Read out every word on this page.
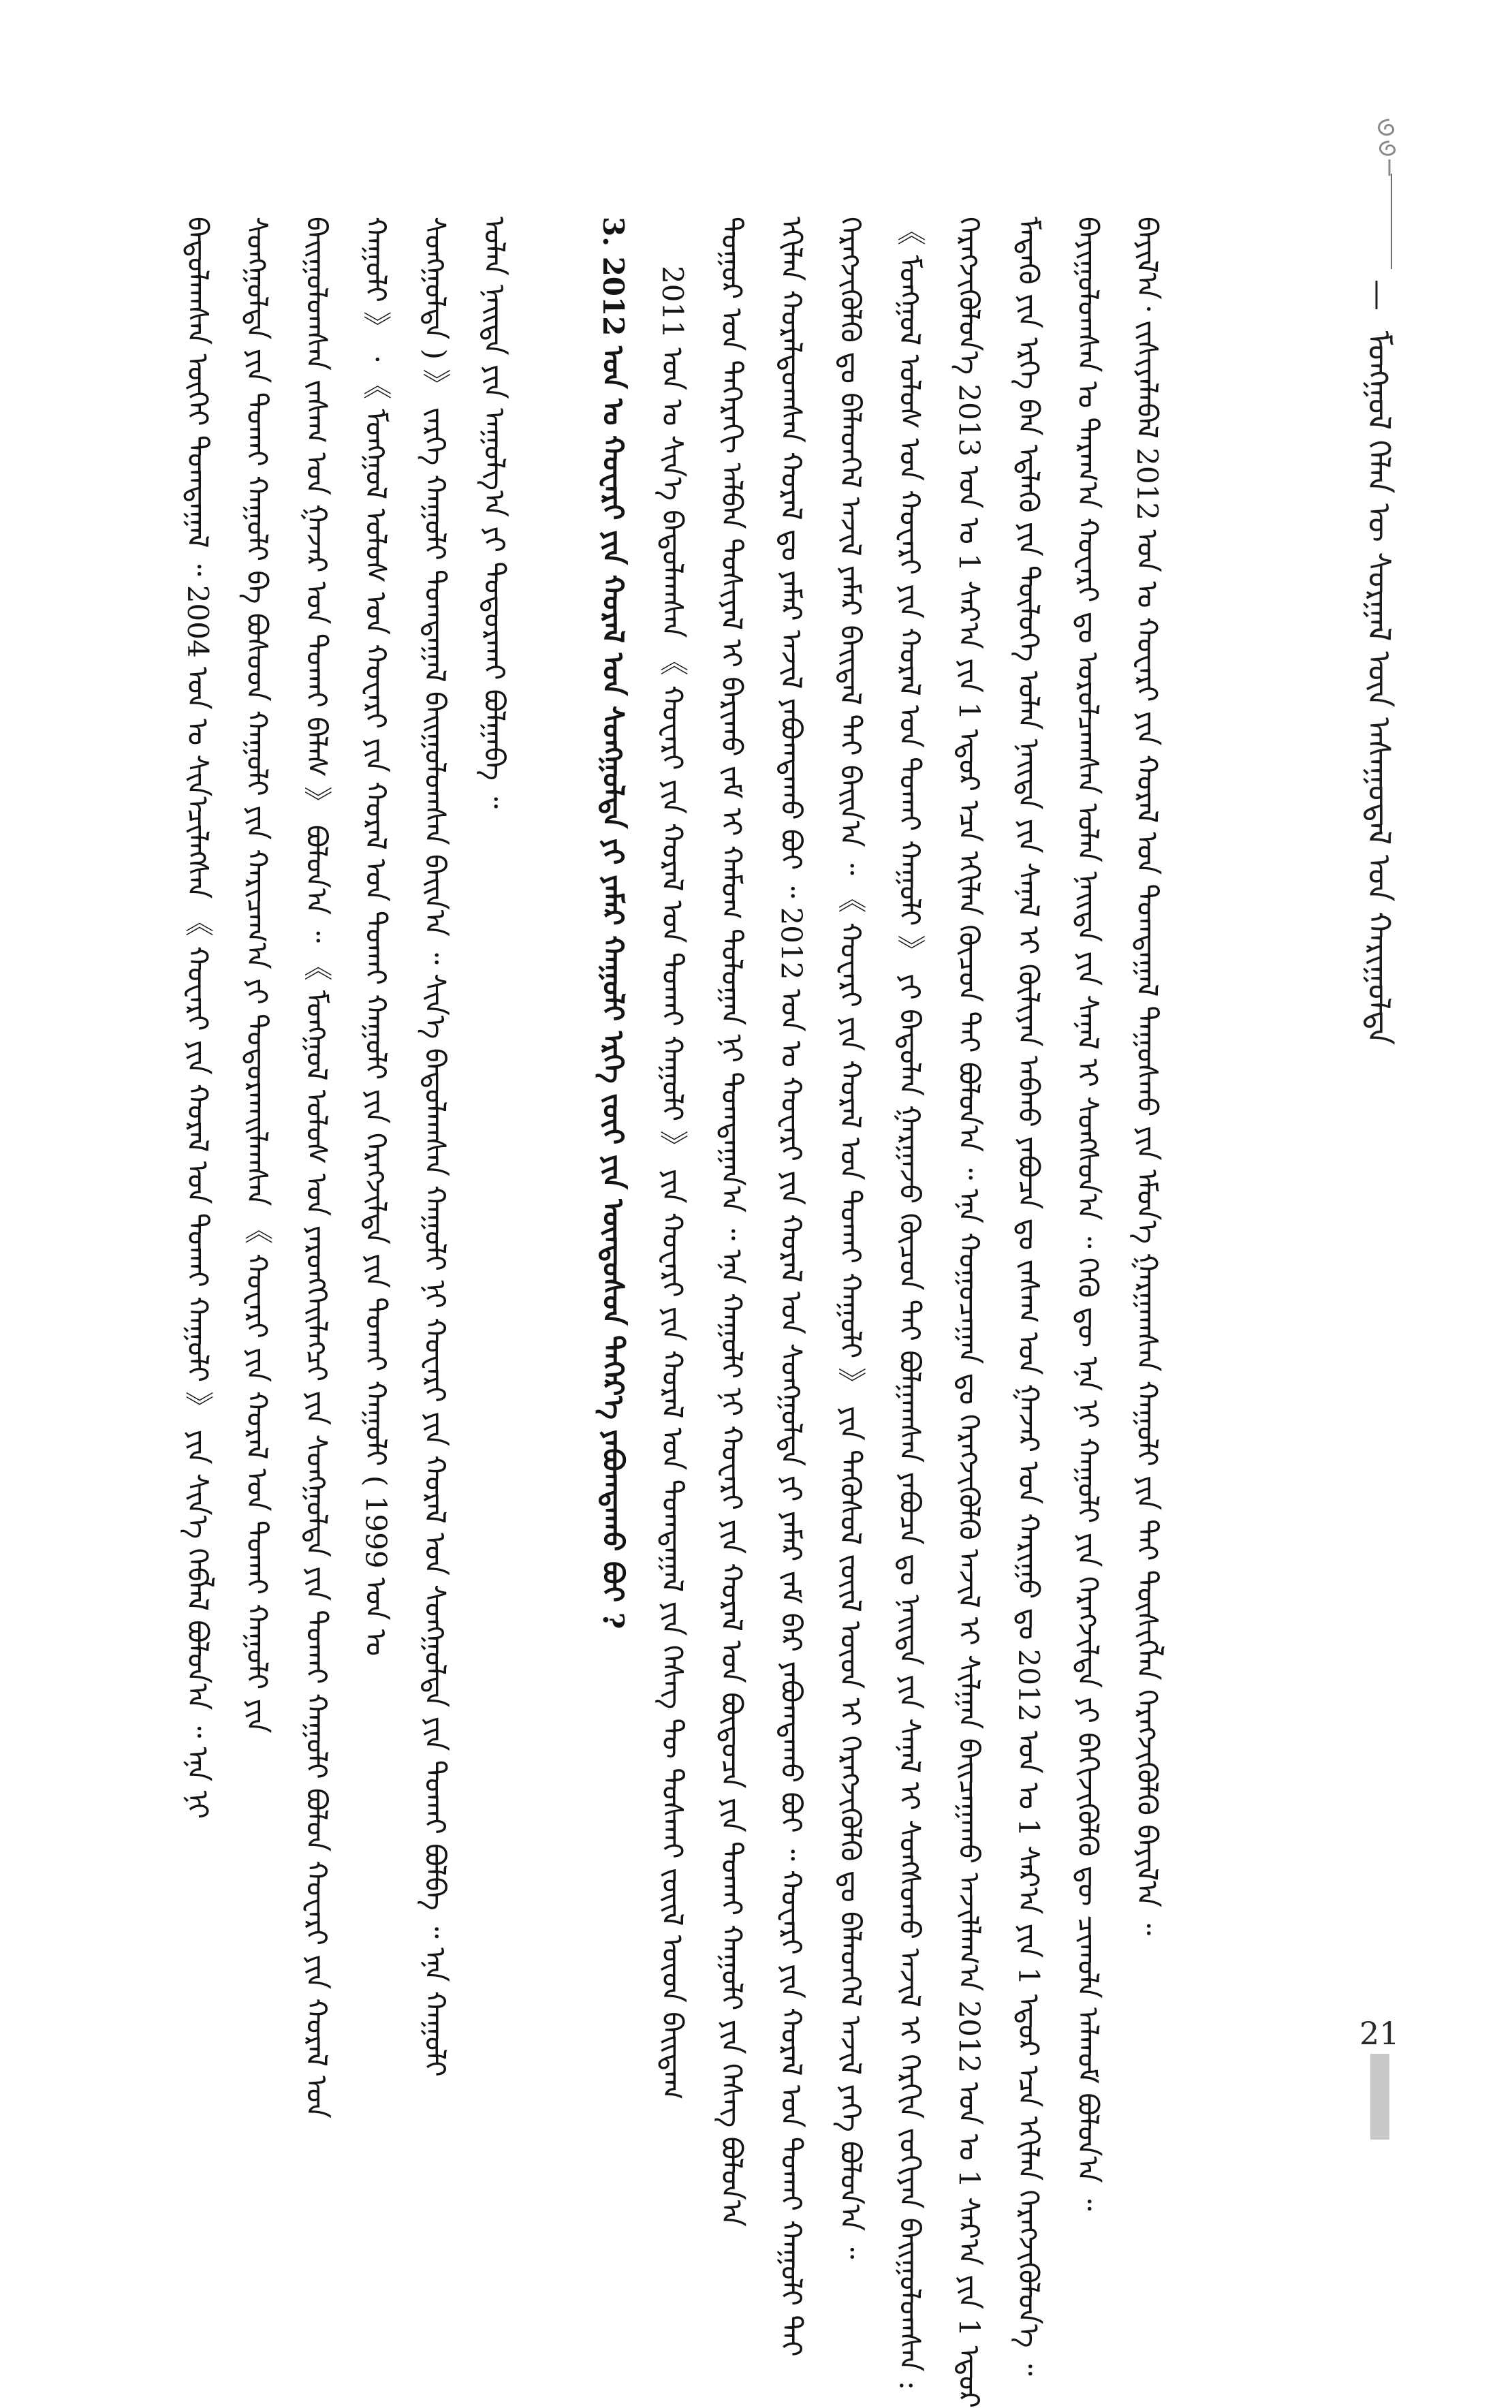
— ᠮᠣᠩᠭᠣᠯ ᠬᠡᠯᠡᠨ ᠦ ᠰᠤᠷᠭᠠᠯ ᠦᠨ ᠠᠰᠠᠭᠤᠳᠠᠯ ᠤᠨ ᠬᠠᠷᠢᠭᠤᠯᠲᠠ

ᠪᠠᠶᠢᠯ᠎ᠠ᠂ ᠵᠢᠱᠢᠶᠡᠯᠡᠪᠡᠯ 2012 ᠣᠨ ᠤ ᠬᠤᠸᠠᠷᠢ ᠶᠢᠨ ᠬᠤᠷᠠᠯ ᠤᠨ ᠲᠣᠭᠲᠠᠭᠠᠯ ᠳᠠᠭᠤᠰᠬᠤ ᠶᠢᠨ ᠡᠮᠦᠨ᠎ᠡ ᠭᠠᠷᠭᠠᠭᠰᠠᠨ ᠬᠠᠭᠤᠯᠢ ᠶᠢᠨ ᠲᠡᠢ ᠲᠦᠰᠢᠭᠯᠡᠨ ᠬᠡᠷᠡᠭᠵᠢᠭᠦᠯᠬᠦ ᠪᠠᠶᠢᠯ᠎ᠠ ᠃

ᠪᠠᠶᠢᠭᠤᠯᠤᠭᠰᠠᠨ ᠤ ᠳᠠᠷᠠᠭ᠎ᠠ ᠬᠤᠸᠠᠷᠢ ᠳᠤ ᠣᠷᠤᠯᠴᠠᠭᠰᠠᠨ ᠣᠯᠠᠨ ᠨᠡᠢᠲᠡ ᠶᠢᠨ ᠰᠠᠨᠠᠯ ᠢ ᠰᠣᠩᠰᠤᠨ᠎ᠠ ᠃ ᠭᠡᠬᠦ ᠳᠦ ᠡᠨᠡ ᠨᠢ ᠬᠠᠭᠤᠯᠢ ᠶᠢᠨ ᠬᠡᠷᠡᠭᠵᠢᠯᠲᠡ ᠶᠢ ᠪᠡᠬᠢᠵᠢᠭᠦᠯᠬᠦ ᠳᠦ ᠴᠢᠬᠤᠯᠠ ᠠᠯᠬᠤᠮ ᠪᠣᠯᠤᠨ᠎ᠠ ᠃

ᠮᠡᠳᠡᠬᠦ ᠶᠢᠨ ᠡᠷᠬᠡ ᠪᠠᠨ ᠡᠳ᠋ᠯᠡᠬᠦ ᠶᠢᠨ ᠲᠥᠯᠥᠭᠡ ᠣᠯᠠᠨ ᠨᠡᠢᠲᠡ ᠶᠢᠨ ᠰᠠᠨᠠᠯ ᠢ ᠬᠦᠯᠢᠶᠡᠨ ᠠᠪᠬᠤ ᠶᠠᠪᠤᠴᠠ ᠳᠤ ᠵᠠᠰᠠᠭ ᠤᠨ ᠭᠠᠵᠠᠷ ᠤᠨ ᠬᠠᠷᠢᠭᠤ ᠳᠤ 2012 ᠣᠨ ᠤ 1 ᠰᠠᠷ᠎ᠠ ᠶᠢᠨ 1 ᠡᠳᠦᠷ ᠡᠴᠡ ᠡᠬᠢᠯᠡᠨ ᠬᠡᠷᠡᠭᠵᠢᠭᠦᠯᠦᠨ᠎ᠡ ᠃

ᠬᠡᠷᠡᠭᠵᠢᠭᠦᠯᠦᠨ᠎ᠡ 2013 ᠣᠨ ᠤ 1 ᠰᠠᠷ᠎ᠠ ᠶᠢᠨ 1 ᠡᠳᠦᠷ ᠡᠴᠡ ᠡᠬᠢᠯᠡᠨ ᠬᠦᠴᠦᠨ ᠲᠡᠢ ᠪᠣᠯᠤᠨ᠎ᠠ ᠃ ᠡᠨᠡ ᠬᠤᠭᠤᠴᠠᠭᠠᠨ ᠳᠤ ᠬᠡᠷᠡᠭᠵᠢᠭᠦᠯᠬᠦ ᠠᠵᠢᠯ ᠢ ᠰᠢᠯᠭᠠᠨ ᠪᠠᠢᠴᠠᠭᠠᠬᠤ ᠠᠵᠢᠯᠯᠠᠭ᠎ᠠ 2012 ᠣᠨ ᠤ 1 ᠰᠠᠷ᠎ᠠ ᠶᠢᠨ 1 ᠡᠳᠦᠷ

《 ᠮᠣᠩᠭᠣᠯ ᠤᠯᠤᠰ ᠤᠨ ᠬᠤᠸᠠᠷᠢ ᠶᠢᠨ ᠬᠤᠷᠠᠯ ᠤᠨ ᠲᠤᠬᠠᠢ ᠬᠠᠭᠤᠯᠢ 》 ᠶᠢ ᠪᠠᠲᠤᠯᠠᠨ ᠭᠠᠷᠭᠠᠵᠤ ᠬᠦᠴᠦᠨ ᠲᠡᠢ ᠪᠣᠯᠭᠠᠭᠰᠠᠨ ᠶᠠᠪᠤᠴᠠ ᠳᠤ ᠨᠡᠢᠲᠡ ᠶᠢᠨ ᠰᠠᠨᠠᠯ ᠢ ᠰᠣᠩᠰᠤᠬᠤ ᠠᠵᠢᠯ ᠢ ᠬᠡᠷᠬᠢᠨ ᠵᠣᠬᠢᠶᠠᠨ ᠪᠠᠢᠭᠤᠯᠤᠭᠰᠠᠨ :

ᠬᠡᠷᠡᠭᠵᠢᠭᠦᠯᠬᠦ ᠳᠤ ᠪᠡᠯᠡᠳᠬᠡᠯ ᠠᠵᠢᠯ ᠶᠠᠮᠠᠷ ᠪᠠᠢᠳᠠᠯ ᠲᠠᠢ ᠪᠠᠢᠨ᠎ᠠ ᠃ 《 ᠬᠤᠸᠠᠷᠢ ᠶᠢᠨ ᠬᠤᠷᠠᠯ ᠤᠨ ᠲᠤᠬᠠᠢ ᠬᠠᠭᠤᠯᠢ 》 ᠶᠢᠨ ᠲᠡᠭᠦᠰᠦᠯ ᠵᠦᠢᠯ ᠦᠳ ᠢ ᠬᠡᠷᠡᠭᠵᠢᠭᠦᠯᠬᠦ ᠳᠤ ᠪᠡᠯᠡᠳᠭᠡᠯ ᠠᠵᠢᠯ ᠶᠡᠬᠡ ᠪᠣᠯᠤᠨ᠎ᠠ ᠃

ᠡᠬᠢᠯᠡᠨ ᠬᠤᠷᠠᠯᠳᠤᠭᠰᠠᠨ ᠬᠤᠷᠠᠯ ᠳᠤ ᠶᠠᠮᠠᠷ ᠠᠵᠢᠯ ᠶᠠᠪᠤᠭᠳᠠᠬᠤ ᠪᠣᠢ ᠃ 2012 ᠣᠨ ᠤ ᠬᠤᠸᠠᠷᠢ ᠶᠢᠨ ᠬᠤᠷᠠᠯ ᠤᠨ ᠰᠤᠩᠭᠤᠯᠲᠠ ᠶᠢ ᠶᠠᠮᠠᠷ ᠵᠠᠮ ᠪᠠᠷ ᠶᠠᠪᠤᠭᠳᠠᠬᠤ ᠪᠣᠢ ᠃ ᠬᠤᠸᠠᠷᠢ ᠶᠢᠨ ᠬᠤᠷᠠᠯ ᠤᠨ ᠲᠤᠬᠠᠢ ᠬᠠᠭᠤᠯᠢ ᠲᠠᠢ

ᠳᠣᠭᠤᠷ ᠤᠨ ᠳᠡᠭᠡᠷᠡᠬᠢ ᠠᠯᠪᠠᠨ ᠲᠤᠰᠢᠶᠠᠯ ᠢ ᠪᠠᠷᠢᠬᠤ ᠵᠠᠮ ᠢ ᠬᠠᠮᠤᠭ ᠳᠣᠯᠤᠭᠠᠨ ᠨᠢ ᠲᠣᠭᠲᠠᠭᠠᠨ᠎ᠠ ᠃ ᠡᠨᠡ ᠬᠠᠭᠤᠯᠢ ᠨᠢ ᠬᠤᠸᠠᠷᠢ ᠶᠢᠨ ᠬᠤᠷᠠᠯ ᠤᠨ ᠪᠦᠲᠦᠴᠡ ᠶᠢᠨ ᠲᠤᠬᠠᠢ ᠬᠠᠭᠤᠯᠢ ᠶᠢᠨ ᠬᠡᠰᠡᠭ ᠪᠣᠯᠤᠨ᠎ᠠ

2011 ᠣᠨ ᠤ ᠰᠢᠨ᠎ᠡ ᠪᠠᠲᠤᠯᠠᠭᠰᠠᠨ 《 ᠬᠤᠸᠠᠷᠢ ᠶᠢᠨ ᠬᠤᠷᠠᠯ ᠤᠨ ᠲᠤᠬᠠᠢ ᠬᠠᠭᠤᠯᠢ 》 ᠶᠢᠨ ᠬᠤᠸᠠᠷᠢ ᠶᠢᠨ ᠬᠤᠷᠠᠯ ᠤᠨ ᠲᠣᠭᠲᠠᠭᠠᠯ ᠶᠢᠨ ᠬᠡᠰᠡᠭ ᠲᠦ ᠲᠤᠰᠬᠠᠢ ᠵᠦᠢᠯ ᠦᠳ ᠪᠠᠢᠳᠠᠭ

3. 2012 ᠣᠨ ᠤ ᠬᠤᠸᠠᠷᠢ ᠶᠢᠨ ᠬᠤᠷᠠᠯ ᠤᠨ ᠰᠤᠩᠭᠤᠯᠲᠠ ᠶᠢ ᠶᠠᠮᠠᠷ ᠬᠠᠭᠤᠯᠢ ᠡᠷᠬᠡ ᠵᠦᠢ ᠶᠢᠨ ᠦᠨᠳᠦᠰᠦᠨ ᠳᠡᠭᠡᠷ᠎ᠡ ᠶᠠᠪᠤᠭᠳᠠᠬᠤ ᠪᠣᠢ ?

ᠣᠯᠠᠨ ᠨᠡᠢᠲᠡ ᠶᠢᠨ ᠠᠭᠤᠯᠭ᠎ᠠ ᠶᠢ ᠲᠣᠳᠣᠷᠬᠠᠢ ᠪᠣᠯᠭᠠᠪᠠ ᠃

ᠰᠤᠩᠭᠤᠯᠲᠠ ) 》 ᠵᠡᠷᠭᠡ ᠬᠠᠭᠤᠯᠢ ᠲᠣᠭᠲᠠᠭᠠᠯ ᠪᠠᠢᠭᠤᠯᠤᠭᠰᠠᠨ ᠪᠠᠢᠨ᠎ᠠ ᠃ ᠰᠢᠨ᠎ᠡ ᠪᠠᠲᠤᠯᠠᠭᠰᠠᠨ ᠬᠠᠭᠤᠯᠢ ᠨᠢ ᠬᠤᠸᠠᠷᠢ ᠶᠢᠨ ᠬᠤᠷᠠᠯ ᠤᠨ ᠰᠤᠩᠭᠤᠯᠲᠠ ᠶᠢᠨ ᠲᠤᠬᠠᠢ ᠪᠣᠯᠪᠠ ᠃ ᠡᠨᠡ ᠬᠠᠭᠤᠯᠢ

ᠬᠠᠭᠤᠯᠢ 》 ᠂ 《 ᠮᠣᠩᠭᠣᠯ ᠤᠯᠤᠰ ᠤᠨ ᠬᠤᠸᠠᠷᠢ ᠶᠢᠨ ᠬᠤᠷᠠᠯ ᠤᠨ ᠲᠤᠬᠠᠢ ᠬᠠᠭᠤᠯᠢ ᠶᠢᠨ ᠬᠡᠷᠡᠭᠵᠢᠯᠲᠡ ᠶᠢᠨ ᠲᠤᠬᠠᠢ ᠬᠠᠭᠤᠯᠢ ( 1999 ᠣᠨ ᠤ

ᠪᠠᠢᠭᠤᠯᠤᠭᠰᠠᠨ ᠵᠠᠰᠠᠭ ᠤᠨ ᠭᠠᠵᠠᠷ ᠤᠨ ᠲᠤᠬᠠᠢ ᠪᠠᠯᠠᠰ 》 ᠪᠣᠯᠤᠨ᠎ᠠ ᠃ 《 ᠮᠣᠩᠭᠣᠯ ᠤᠯᠤᠰ ᠤᠨ ᠶᠡᠷᠦᠩᠬᠡᠢᠯᠡᠭᠴᠢ ᠶᠢᠨ ᠰᠤᠩᠭᠤᠯᠲᠠ ᠶᠢᠨ ᠲᠤᠬᠠᠢ ᠬᠠᠭᠤᠯᠢ ᠪᠣᠯᠤᠨ ᠬᠤᠸᠠᠷᠢ ᠶᠢᠨ ᠬᠤᠷᠠᠯ ᠤᠨ

ᠰᠤᠩᠭᠤᠯᠲᠠ ᠶᠢᠨ ᠲᠤᠬᠠᠢ ᠬᠠᠭᠤᠯᠢ ᠪᠠ ᠪᠤᠰᠤᠳ ᠬᠠᠭᠤᠯᠢ ᠶᠢᠨ ᠬᠠᠷᠢᠴᠠᠭ᠎ᠠ ᠶᠢ ᠲᠣᠳᠣᠷᠬᠠᠢᠯᠠᠭᠰᠠᠨ 《 ᠬᠤᠸᠠᠷᠢ ᠶᠢᠨ ᠬᠤᠷᠠᠯ ᠤᠨ ᠲᠤᠬᠠᠢ ᠬᠠᠭᠤᠯᠢ ᠶᠢᠨ

ᠪᠠᠲᠤᠯᠠᠭᠰᠠᠨ ᠦᠭᠡᠢ ᠲᠣᠭᠲᠠᠭᠠᠯ ᠃ 2004 ᠣᠨ ᠤ ᠰᠢᠨ᠎ᠡᠴᠢᠯᠡᠭᠰᠡᠨ 《 ᠬᠤᠸᠠᠷᠢ ᠶᠢᠨ ᠬᠤᠷᠠᠯ ᠤᠨ ᠲᠤᠬᠠᠢ ᠬᠠᠭᠤᠯᠢ 》 ᠶᠢᠨ ᠰᠢᠨ᠎ᠡ ᠬᠡᠪᠯᠡᠯ ᠪᠣᠯᠤᠨ᠎ᠠ ᠃ ᠡᠨᠡ ᠨᠢ

21
